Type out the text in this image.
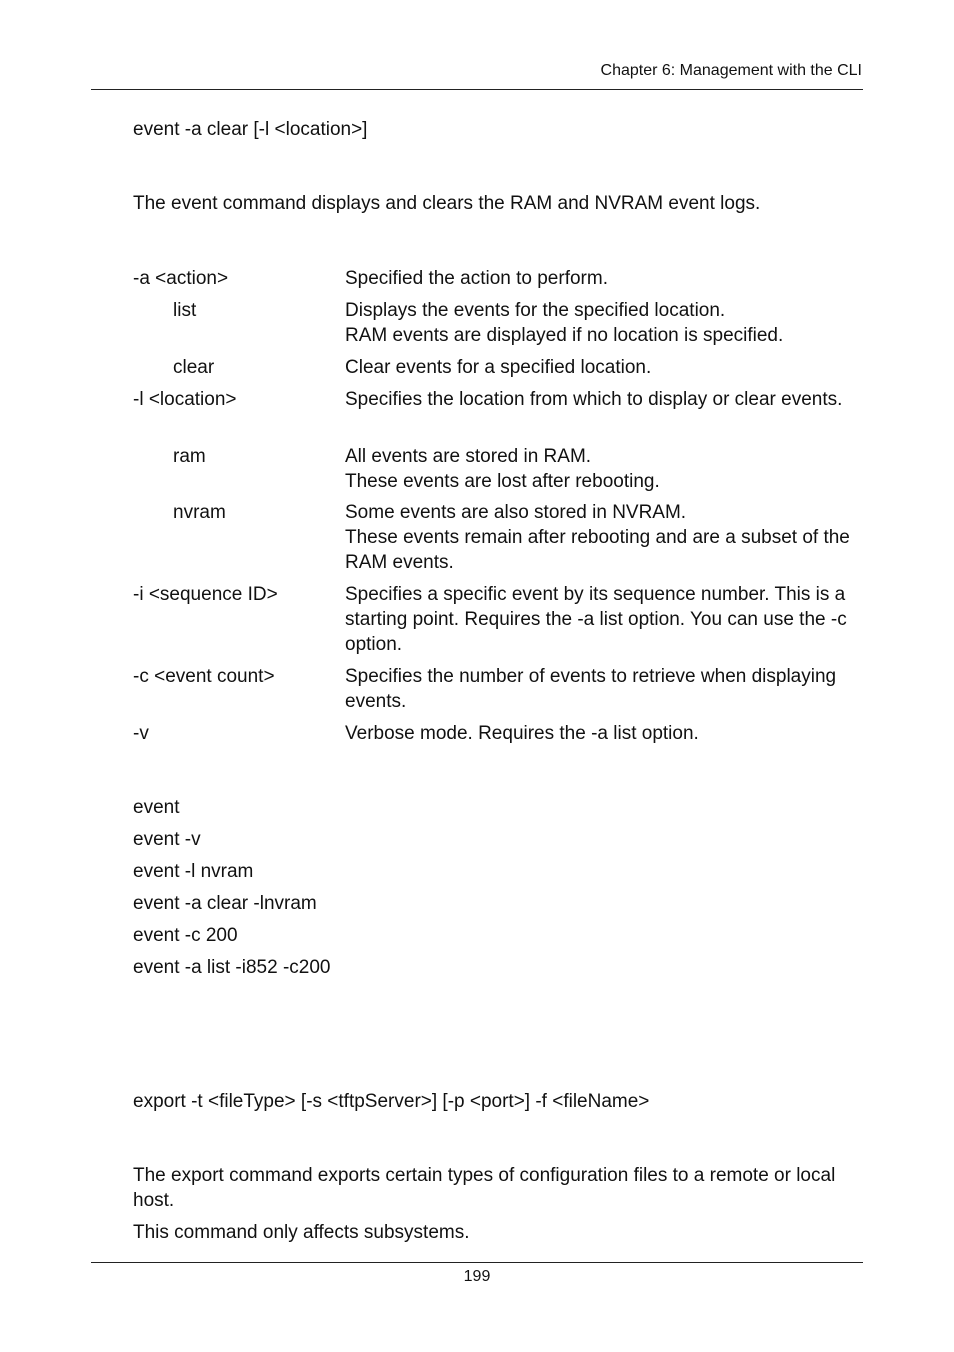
Chapter 6: Management with the CLI
event -a clear [-l <location>]
The event command displays and clears the RAM and NVRAM event logs.
-a <action>	Specified the action to perform.
list	Displays the events for the specified location.
RAM events are displayed if no location is specified.
clear	Clear events for a specified location.
-l <location>	Specifies the location from which to display or clear events.
ram	All events are stored in RAM.
These events are lost after rebooting.
nvram	Some events are also stored in NVRAM.
These events remain after rebooting and are a subset of the RAM events.
-i <sequence ID>	Specifies a specific event by its sequence number. This is a starting point. Requires the -a list option. You can use the -c option.
-c <event count>	Specifies the number of events to retrieve when displaying events.
-v	Verbose mode. Requires the -a list option.
event
event -v
event -l nvram
event -a clear -lnvram
event -c 200
event -a list -i852 -c200
export -t <fileType> [-s <tftpServer>] [-p <port>] -f <fileName>
The export command exports certain types of configuration files to a remote or local host.
This command only affects subsystems.
199
